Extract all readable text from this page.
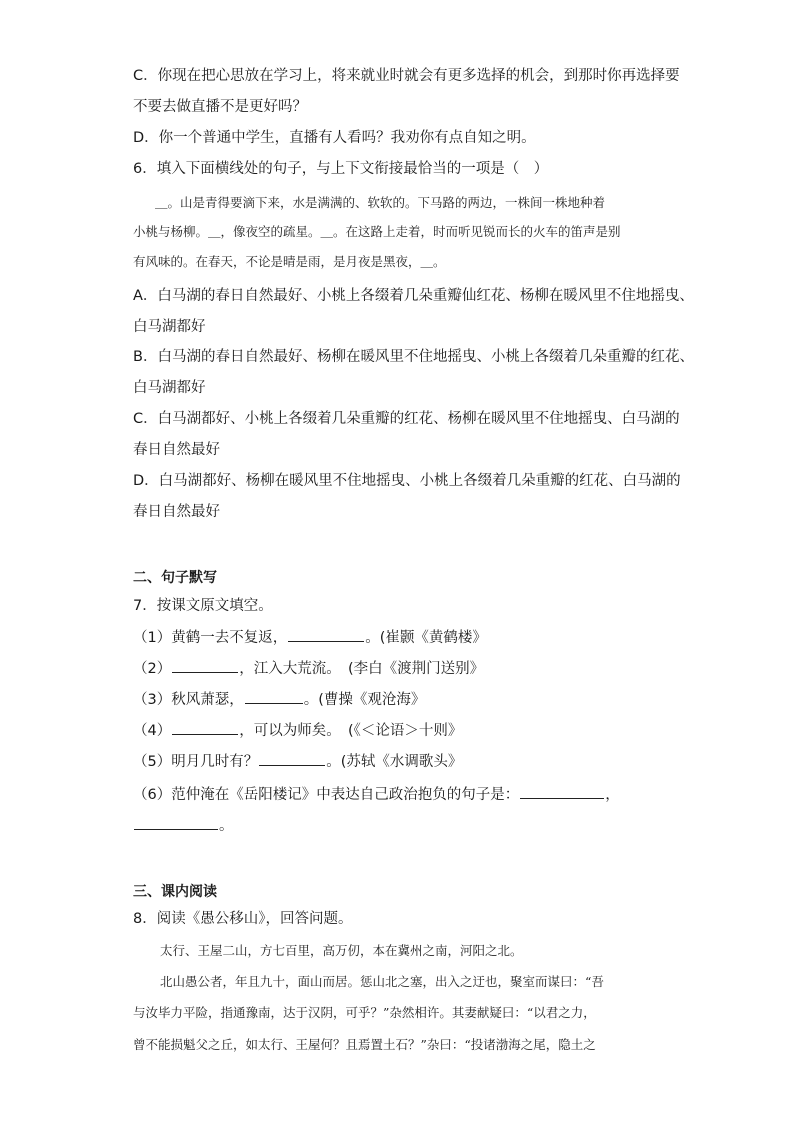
C．你现在把心思放在学习上，将来就业时就会有更多选择的机会，到那时你再选择要
不要去做直播不是更好吗？
D．你一个普通中学生，直播有人看吗？我劝你有点自知之明。
6．填入下面横线处的句子，与上下文衔接最恰当的一项是（　）
＿。山是青得要滴下来，水是满满的、软软的。下马路的两边，一株间一株地种着
小桃与杨柳。＿，像夜空的疏星。＿。在这路上走着，时而听见锐而长的火车的笛声是别
有风味的。在春天，不论是晴是雨，是月夜是黑夜，＿。
A．白马湖的春日自然最好、小桃上各缀着几朵重瓣仙红花、杨柳在暖风里不住地摇曳、
白马湖都好
B．白马湖的春日自然最好、杨柳在暖风里不住地摇曳、小桃上各缀着几朵重瓣的红花、
白马湖都好
C．白马湖都好、小桃上各缀着几朵重瓣的红花、杨柳在暖风里不住地摇曳、白马湖的
春日自然最好
D．白马湖都好、杨柳在暖风里不住地摇曳、小桃上各缀着几朵重瓣的红花、白马湖的
春日自然最好
二、句子默写
7．按课文原文填空。
（1）黄鹤一去不复返，	。(崔颢《黄鹤楼》
（2）	，江入大荒流。　(李白《渡荆门送别》
（3）秋风萧瑟，	。(曹操《观沧海》
（4）	，可以为师矣。　(《＜论语＞十则》
（5）明月几时有？	。(苏轼《水调歌头》
（6）范仲淹在《岳阳楼记》中表达自己政治抱负的句子是：	，
。
三、课内阅读
8．阅读《愚公移山》，回答问题。
太行、王屋二山，方七百里，高万仞，本在冀州之南，河阳之北。
北山愚公者，年且九十，面山而居。惩山北之塞，出入之迂也，聚室而谋曰：“吾
与汝毕力平险，指通豫南，达于汉阴，可乎？”杂然相许。其妻献疑曰：“以君之力，
曾不能损魁父之丘，如太行、王屋何？且焉置土石？”杂曰：“投诸渤海之尾，隐土之
